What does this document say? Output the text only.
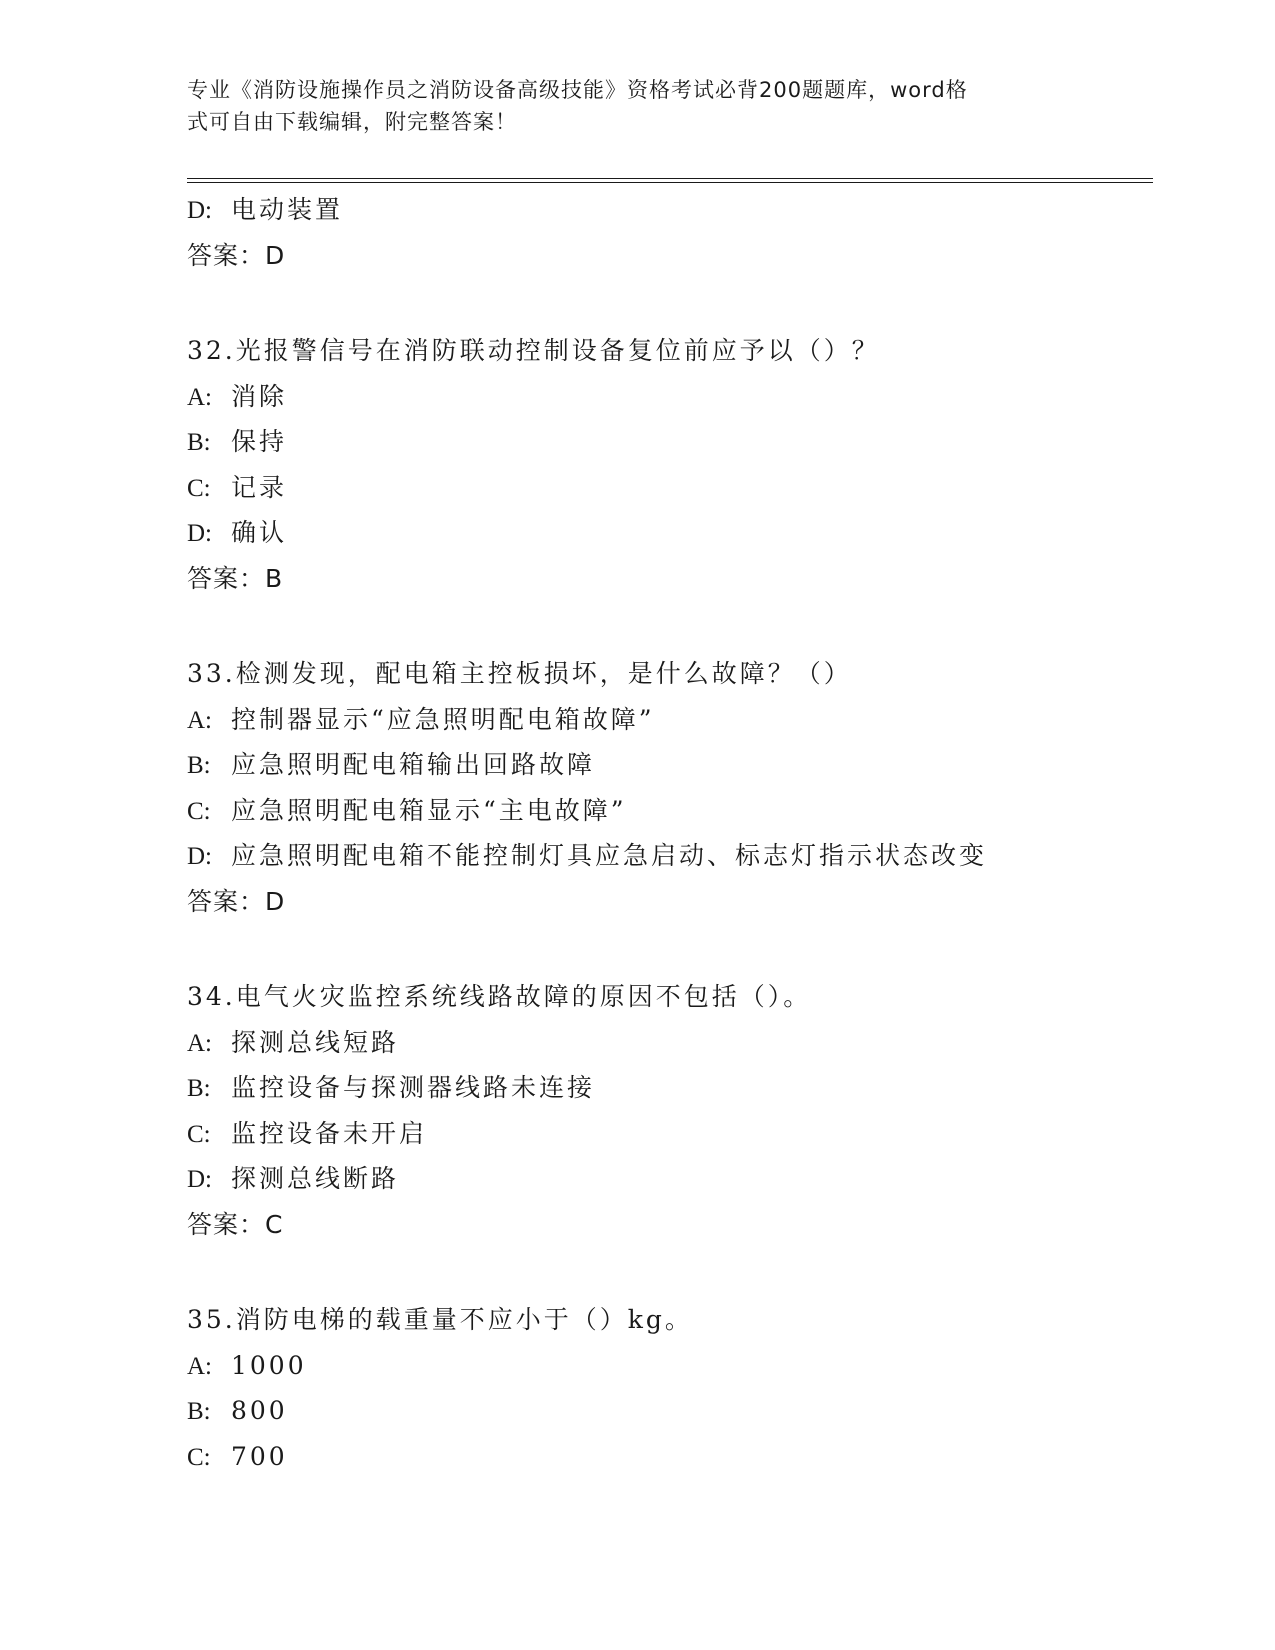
专业《消防设施操作员之消防设备高级技能》资格考试必背200题题库，word格
式可自由下载编辑，附完整答案！
D: 电动装置
答案：D
32.光报警信号在消防联动控制设备复位前应予以（）？
A: 消除
B: 保持
C: 记录
D: 确认
答案：B
33.检测发现，配电箱主控板损坏，是什么故障？（）
A: 控制器显示“应急照明配电箱故障”
B: 应急照明配电箱输出回路故障
C: 应急照明配电箱显示“主电故障”
D: 应急照明配电箱不能控制灯具应急启动、标志灯指示状态改变
答案：D
34.电气火灾监控系统线路故障的原因不包括（）。
A: 探测总线短路
B: 监控设备与探测器线路未连接
C: 监控设备未开启
D: 探测总线断路
答案：C
35.消防电梯的载重量不应小于（）kg。
A: 1000
B: 800
C: 700
